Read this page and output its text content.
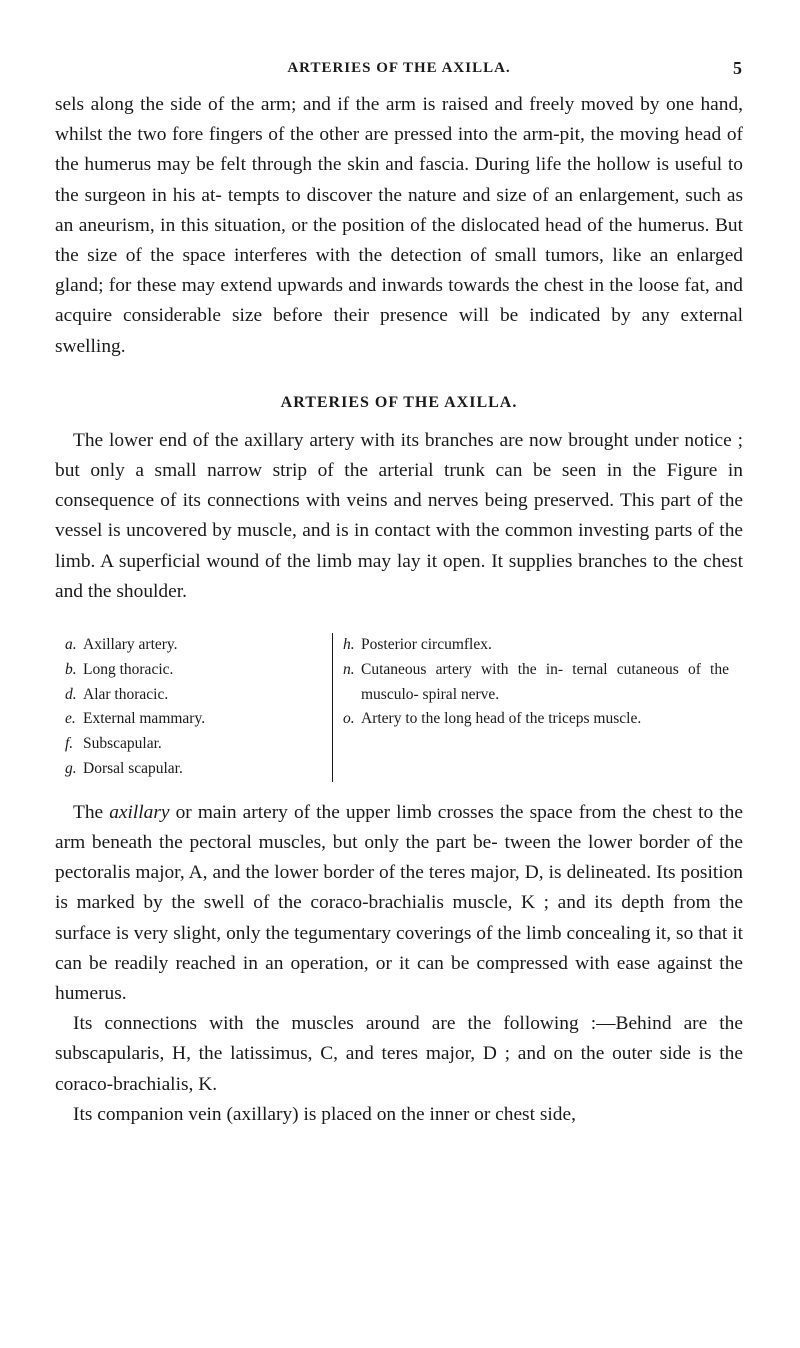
ARTERIES OF THE AXILLA.	5

sels along the side of the arm; and if the arm is raised and freely moved by one hand, whilst the two fore fingers of the other are pressed into the arm-pit, the moving head of the humerus may be felt through the skin and fascia. During life the hollow is useful to the surgeon in his at- tempts to discover the nature and size of an enlargement, such as an aneurism, in this situation, or the position of the dislocated head of the humerus. But the size of the space interferes with the detection of small tumors, like an enlarged gland; for these may extend upwards and inwards towards the chest in the loose fat, and acquire considerable size before their presence will be indicated by any external swelling.

ARTERIES OF THE AXILLA.

The lower end of the axillary artery with its branches are now brought under notice ; but only a small narrow strip of the arterial trunk can be seen in the Figure in consequence of its connections with veins and nerves being preserved. This part of the vessel is uncovered by muscle, and is in contact with the common investing parts of the limb. A superficial wound of the limb may lay it open. It supplies branches to the chest and the shoulder.

a. Axillary artery.
b. Long thoracic.
d. Alar thoracic.
e. External mammary.
f. Subscapular.
g. Dorsal scapular.
h. Posterior circumflex.
n. Cutaneous artery with the in- ternal cutaneous of the musculo- spiral nerve.
o. Artery to the long head of the triceps muscle.

The axillary or main artery of the upper limb crosses the space from the chest to the arm beneath the pectoral muscles, but only the part be- tween the lower border of the pectoralis major, A, and the lower border of the teres major, D, is delineated. Its position is marked by the swell of the coraco-brachialis muscle, K ; and its depth from the surface is very slight, only the tegumentary coverings of the limb concealing it, so that it can be readily reached in an operation, or it can be compressed with ease against the humerus.

Its connections with the muscles around are the following :—Behind are the subscapularis, H, the latissimus, C, and teres major, D ; and on the outer side is the coraco-brachialis, K.

Its companion vein (axillary) is placed on the inner or chest side,
